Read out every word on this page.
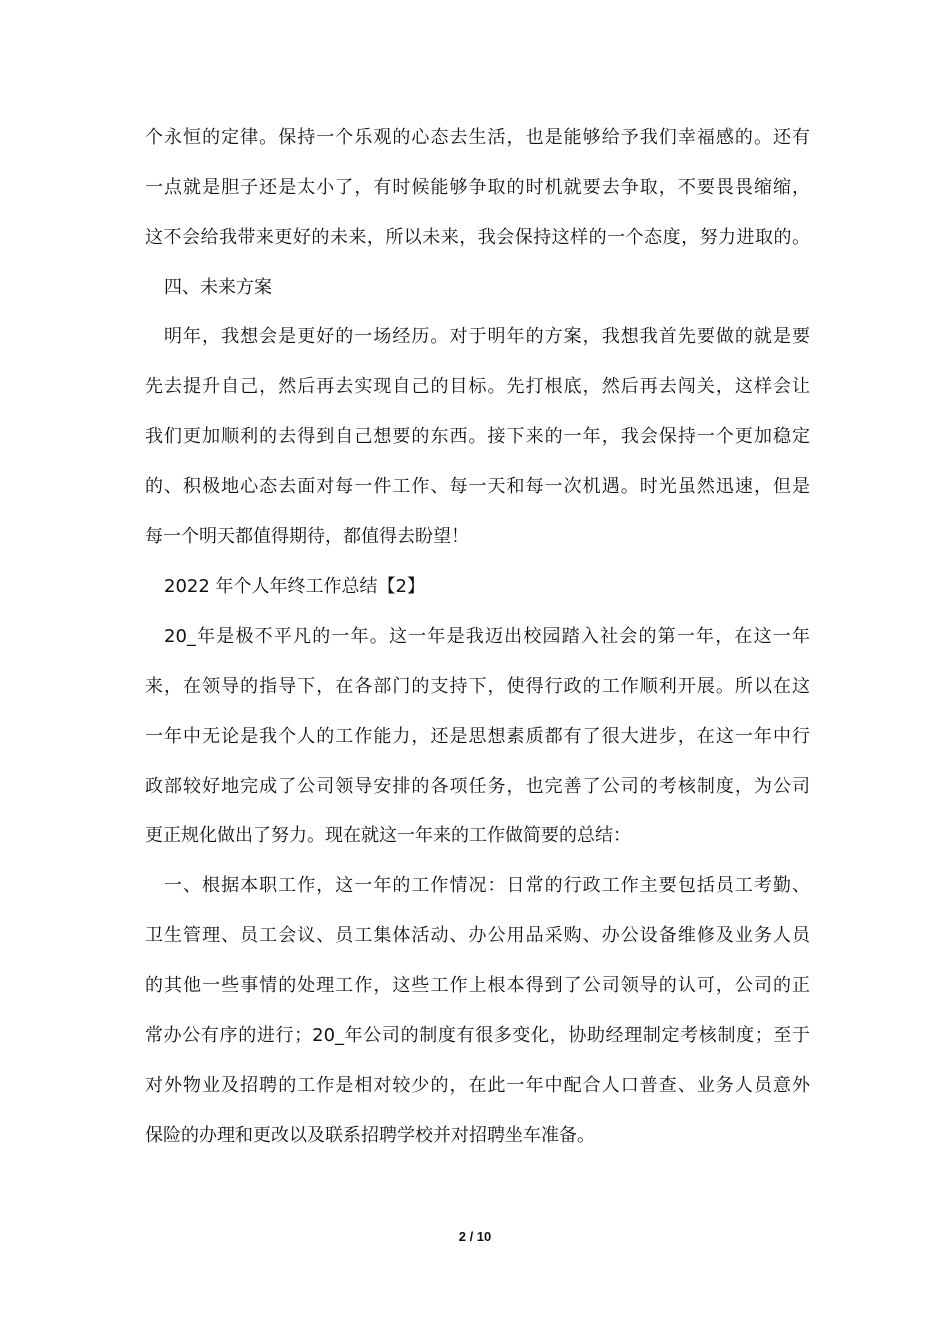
个永恒的定律。保持一个乐观的心态去生活，也是能够给予我们幸福感的。还有
一点就是胆子还是太小了，有时候能够争取的时机就要去争取，不要畏畏缩缩，
这不会给我带来更好的未来，所以未来，我会保持这样的一个态度，努力进取的。
四、未来方案
明年，我想会是更好的一场经历。对于明年的方案，我想我首先要做的就是要
先去提升自己，然后再去实现自己的目标。先打根底，然后再去闯关，这样会让
我们更加顺利的去得到自己想要的东西。接下来的一年，我会保持一个更加稳定
的、积极地心态去面对每一件工作、每一天和每一次机遇。时光虽然迅速，但是
每一个明天都值得期待，都值得去盼望！
2022 年个人年终工作总结【2】
20_年是极不平凡的一年。这一年是我迈出校园踏入社会的第一年，在这一年
来，在领导的指导下，在各部门的支持下，使得行政的工作顺利开展。所以在这
一年中无论是我个人的工作能力，还是思想素质都有了很大进步，在这一年中行
政部较好地完成了公司领导安排的各项任务，也完善了公司的考核制度，为公司
更正规化做出了努力。现在就这一年来的工作做简要的总结：
一、根据本职工作，这一年的工作情况：日常的行政工作主要包括员工考勤、
卫生管理、员工会议、员工集体活动、办公用品采购、办公设备维修及业务人员
的其他一些事情的处理工作，这些工作上根本得到了公司领导的认可，公司的正
常办公有序的进行；20_年公司的制度有很多变化，协助经理制定考核制度；至于
对外物业及招聘的工作是相对较少的，在此一年中配合人口普查、业务人员意外
保险的办理和更改以及联系招聘学校并对招聘坐车准备。
2 / 10
